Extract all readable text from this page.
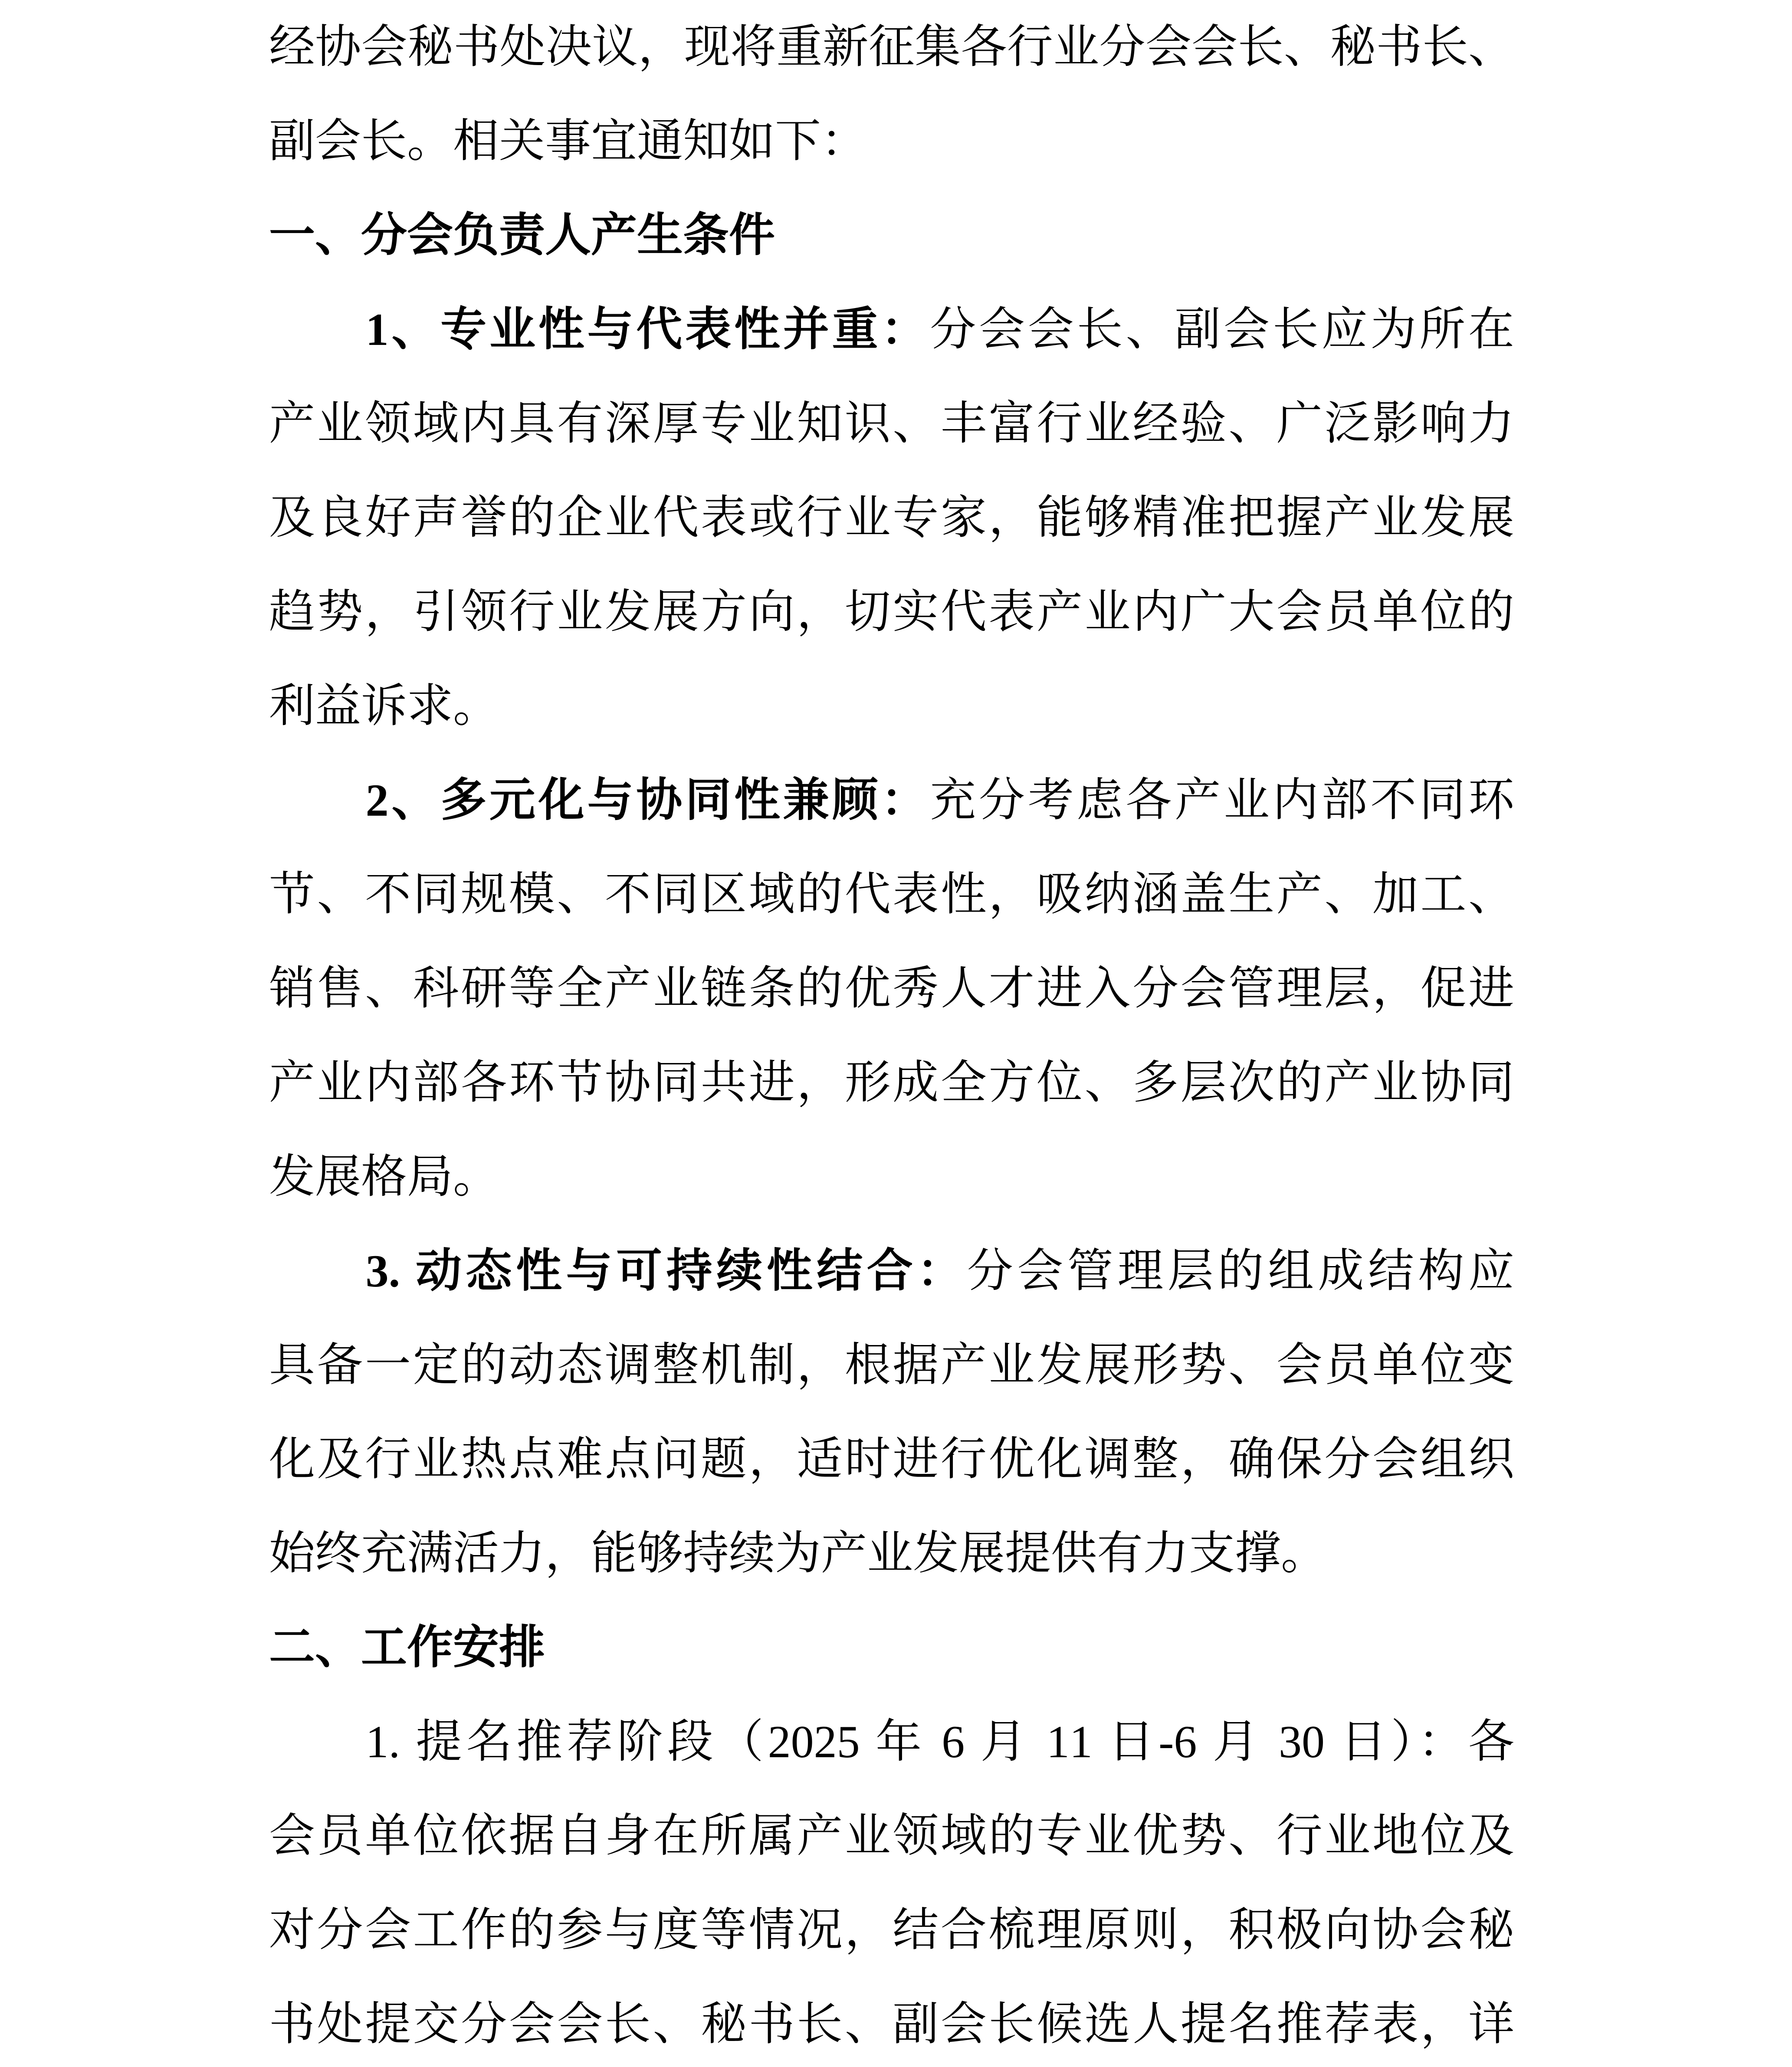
经协会秘书处决议，现将重新征集各行业分会会长、秘书长、
副会长。相关事宜通知如下：
一、分会负责人产生条件
1、专业性与代表性并重：分会会长、副会长应为所在
产业领域内具有深厚专业知识、丰富行业经验、广泛影响力
及良好声誉的企业代表或行业专家，能够精准把握产业发展
趋势，引领行业发展方向，切实代表产业内广大会员单位的
利益诉求。
2、多元化与协同性兼顾：充分考虑各产业内部不同环
节、不同规模、不同区域的代表性，吸纳涵盖生产、加工、
销售、科研等全产业链条的优秀人才进入分会管理层，促进
产业内部各环节协同共进，形成全方位、多层次的产业协同
发展格局。
3. 动态性与可持续性结合：分会管理层的组成结构应
具备一定的动态调整机制，根据产业发展形势、会员单位变
化及行业热点难点问题，适时进行优化调整，确保分会组织
始终充满活力，能够持续为产业发展提供有力支撑。
二、工作安排
1. 提名推荐阶段（2025 年 6 月 11 日-6 月 30 日）：各
会员单位依据自身在所属产业领域的专业优势、行业地位及
对分会工作的参与度等情况，结合梳理原则，积极向协会秘
书处提交分会会长、秘书长、副会长候选人提名推荐表，详
